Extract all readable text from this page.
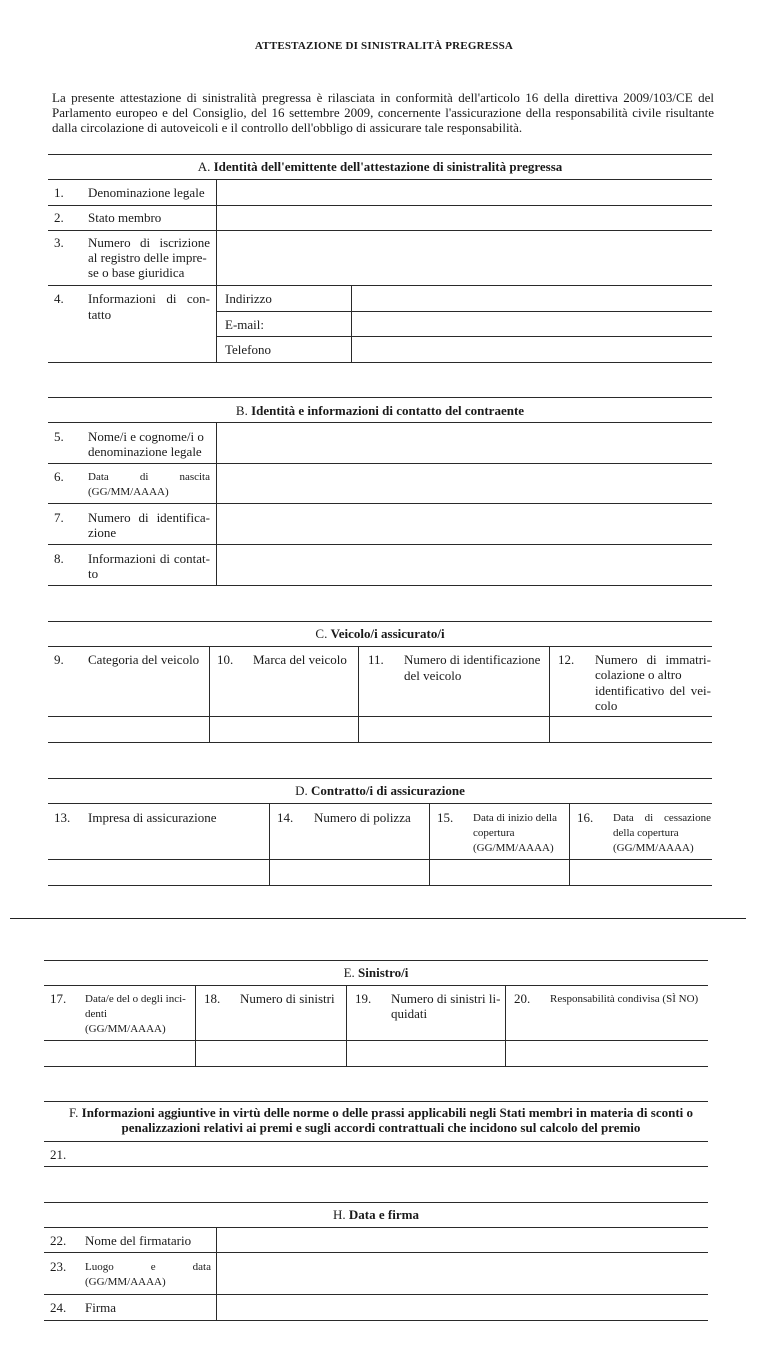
ATTESTAZIONE DI SINISTRALITÀ PREGRESSA
La presente attestazione di sinistralità pregressa è rilasciata in conformità dell'articolo 16 della direttiva 2009/103/CE del Parlamento europeo e del Consiglio, del 16 settembre 2009, concernente l'assicurazione della responsabilità civile risultante dalla circolazione di autoveicoli e il controllo dell'obbligo di assicurare tale responsabilità.
A. Identità dell'emittente dell'attestazione di sinistralità pregressa
1. Denominazione legale
2. Stato membro
3. Numero di iscrizione
al registro delle impre-
se o base giuridica
4. Informazioni di con-
tatto
Indirizzo
E-mail:
Telefono
B. Identità e informazioni di contatto del contraente
5. Nome/i e cognome/i o
denominazione legale
6. Data di nascita
(GG/MM/AAAA)
7. Numero di identifica-
zione
8. Informazioni di contat-
to
C. Veicolo/i assicurato/i
9. Categoria del veicolo 10. Marca del veicolo 11. Numero di identificazione
del veicolo
12. Numero di immatri-
colazione o altro
identificativo del vei-
colo
D. Contratto/i di assicurazione
13. Impresa di assicurazione	14. Numero di polizza 15. Data di inizio della
copertura
(GG/MM/AAAA)
16. Data di cessazione
della copertura
(GG/MM/AAAA)
E. Sinistro/i
17. Data/e del o degli inci-
denti
(GG/MM/AAAA)
18. Numero di sinistri 19. Numero di sinistri li-
quidati
20. Responsabilità condivisa (SÌ NO)
F. Informazioni aggiuntive in virtù delle norme o delle prassi applicabili negli Stati membri in materia di sconti o penalizzazioni relativi ai premi e sugli accordi contrattuali che incidono sul calcolo del premio
21.
H. Data e firma
22. Nome del firmatario
23. Luogo e data
(GG/MM/AAAA)
24. Firma
